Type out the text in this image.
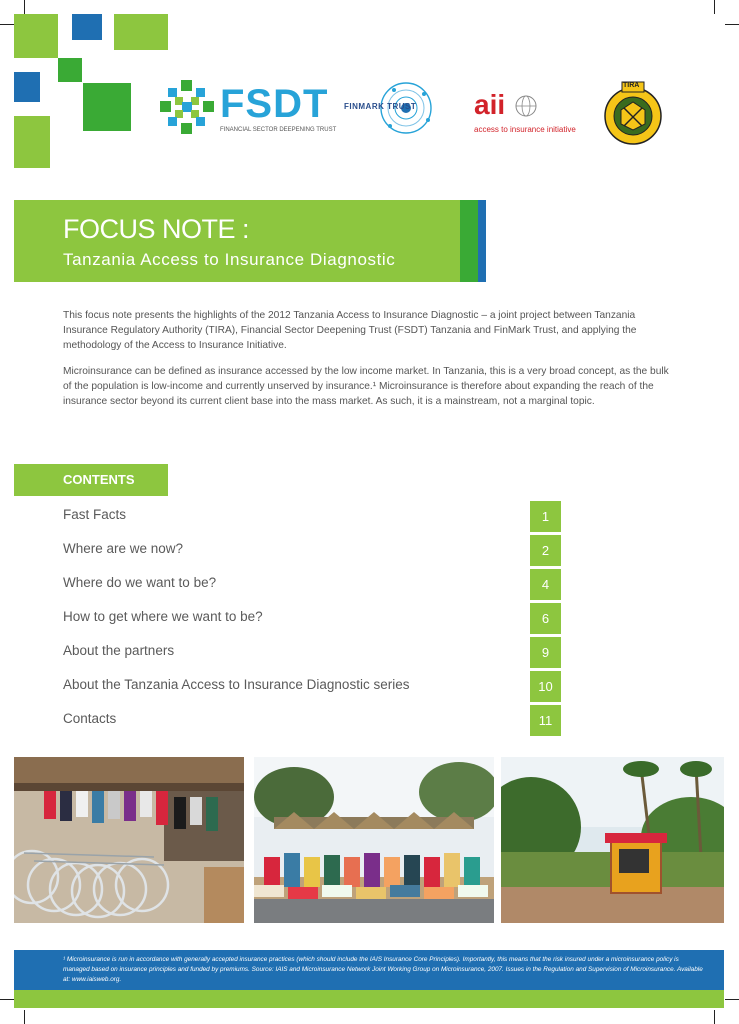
FSDT
FINANCIAL SECTOR DEEPENING TRUST
FINMARK TRUST aii
access to insurance initiative
TIRA
FOCUS NOTE :
Tanzania Access to Insurance Diagnostic
This focus note presents the highlights of the 2012 Tanzania Access to Insurance Diagnostic – a joint project between Tanzania Insurance Regulatory Authority (TIRA), Financial Sector Deepening Trust (FSDT) Tanzania and FinMark Trust, and applying the methodology of the Access to Insurance Initiative.
Microinsurance can be defined as insurance accessed by the low income market. In Tanzania, this is a very broad concept, as the bulk of the population is low-income and currently unserved by insurance.¹ Microinsurance is therefore about expanding the reach of the insurance sector beyond its current client base into the mass market. As such, it is a mainstream, not a marginal topic.
CONTENTS
Fast Facts	1
Where are we now?	2
Where do we want to be?	4
How to get where we want to be?	6
About the partners	9
About the Tanzania Access to Insurance Diagnostic series	10
Contacts	11
¹ Microinsurance is run in accordance with generally accepted insurance practices (which should include the IAIS Insurance Core Principles). Importantly, this means that the risk insured under a microinsurance policy is managed based on insurance principles and funded by premiums. Source: IAIS and Microinsurance Network Joint Working Group on Microinsurance, 2007. Issues in the Regulation and Supervision of Microinsurance. Available at: www.iaisweb.org.
